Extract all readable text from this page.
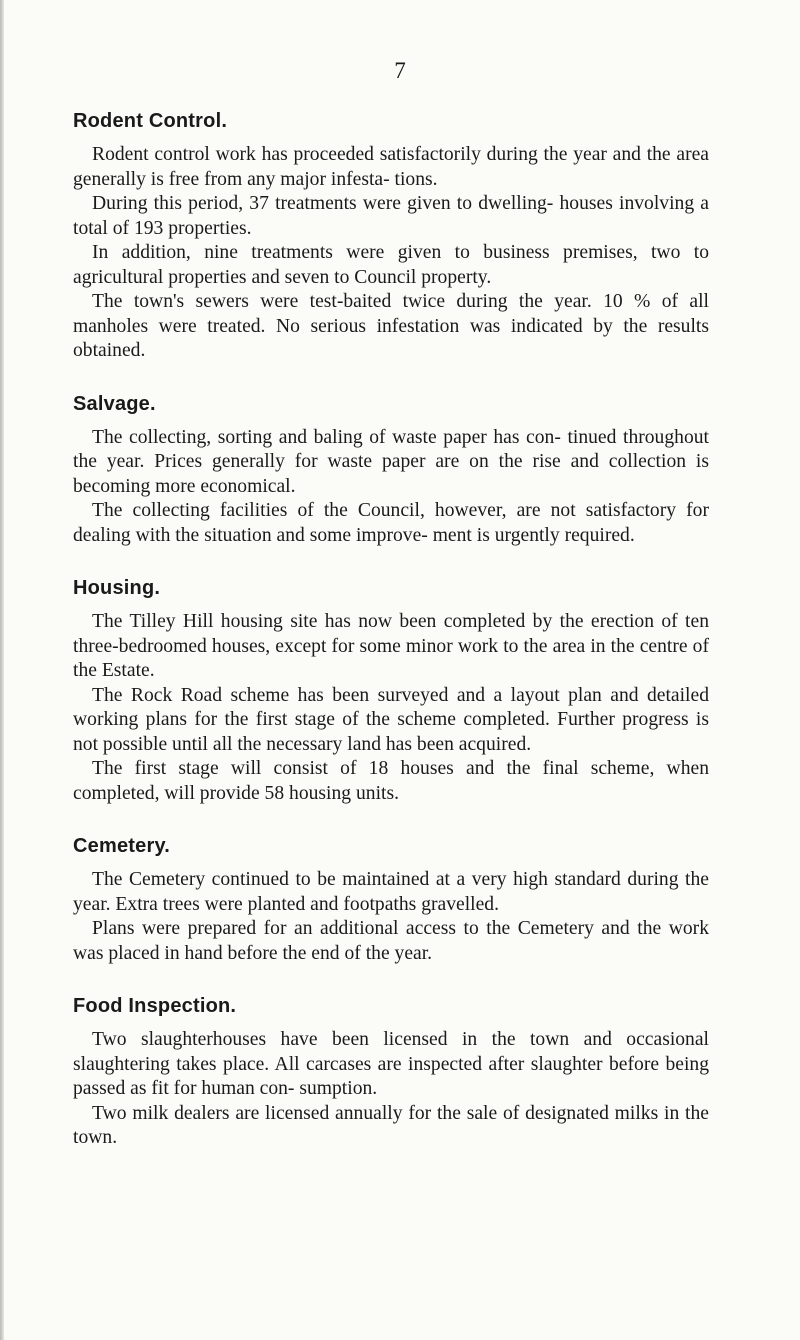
7
Rodent Control.

Rodent control work has proceeded satisfactorily during the year and the area generally is free from any major infesta- tions.

During this period, 37 treatments were given to dwelling- houses involving a total of 193 properties.

In addition, nine treatments were given to business premises, two to agricultural properties and seven to Council property.

The town's sewers were test-baited twice during the year. 10 % of all manholes were treated. No serious infestation was indicated by the results obtained.

Salvage.

The collecting, sorting and baling of waste paper has con- tinued throughout the year. Prices generally for waste paper are on the rise and collection is becoming more economical.

The collecting facilities of the Council, however, are not satisfactory for dealing with the situation and some improve- ment is urgently required.

Housing.

The Tilley Hill housing site has now been completed by the erection of ten three-bedroomed houses, except for some minor work to the area in the centre of the Estate.

The Rock Road scheme has been surveyed and a layout plan and detailed working plans for the first stage of the scheme completed. Further progress is not possible until all the necessary land has been acquired.

The first stage will consist of 18 houses and the final scheme, when completed, will provide 58 housing units.

Cemetery.

The Cemetery continued to be maintained at a very high standard during the year. Extra trees were planted and footpaths gravelled.

Plans were prepared for an additional access to the Cemetery and the work was placed in hand before the end of the year.

Food Inspection.

Two slaughterhouses have been licensed in the town and occasional slaughtering takes place. All carcases are inspected after slaughter before being passed as fit for human con- sumption.

Two milk dealers are licensed annually for the sale of designated milks in the town.
